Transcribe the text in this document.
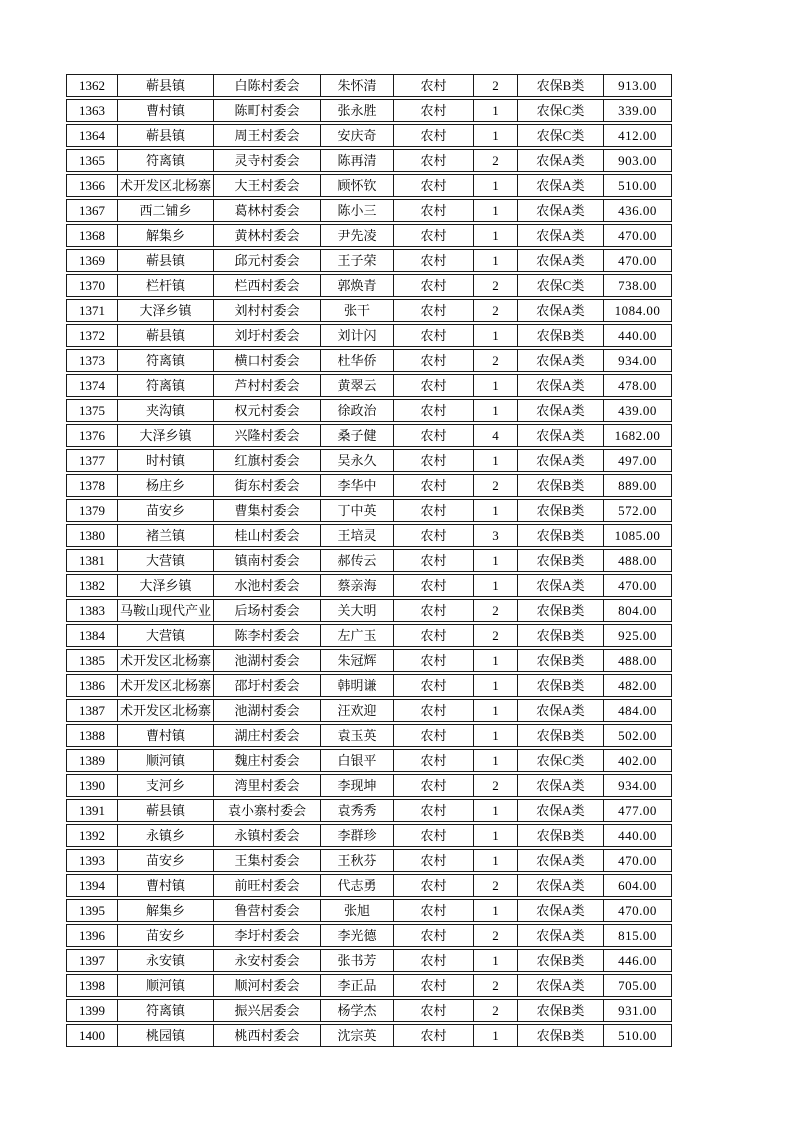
1362	蕲县镇	白陈村委会	朱怀清	农村	2	农保B类	913.00
1363	曹村镇	陈町村委会	张永胜	农村	1	农保C类	339.00
1364	蕲县镇	周王村委会	安庆奇	农村	1	农保C类	412.00
1365	符离镇	灵寺村委会	陈再清	农村	2	农保A类	903.00
1366	术开发区北杨寨	大王村委会	顾怀钦	农村	1	农保A类	510.00
1367	西二铺乡	葛林村委会	陈小三	农村	1	农保A类	436.00
1368	解集乡	黄林村委会	尹先凌	农村	1	农保A类	470.00
1369	蕲县镇	邱元村委会	王子荣	农村	1	农保A类	470.00
1370	栏杆镇	栏西村委会	郭焕青	农村	2	农保C类	738.00
1371	大泽乡镇	刘村村委会	张干	农村	2	农保A类	1084.00
1372	蕲县镇	刘圩村委会	刘计闪	农村	1	农保B类	440.00
1373	符离镇	横口村委会	杜华侨	农村	2	农保A类	934.00
1374	符离镇	芦村村委会	黄翠云	农村	1	农保A类	478.00
1375	夹沟镇	权元村委会	徐政治	农村	1	农保A类	439.00
1376	大泽乡镇	兴隆村委会	桑子健	农村	4	农保A类	1682.00
1377	时村镇	红旗村委会	吴永久	农村	1	农保A类	497.00
1378	杨庄乡	街东村委会	李华中	农村	2	农保B类	889.00
1379	苗安乡	曹集村委会	丁中英	农村	1	农保B类	572.00
1380	褚兰镇	桂山村委会	王培灵	农村	3	农保B类	1085.00
1381	大营镇	镇南村委会	郝传云	农村	1	农保B类	488.00
1382	大泽乡镇	水池村委会	蔡亲海	农村	1	农保A类	470.00
1383	马鞍山现代产业	后场村委会	关大明	农村	2	农保B类	804.00
1384	大营镇	陈李村委会	左广玉	农村	2	农保B类	925.00
1385	术开发区北杨寨	池湖村委会	朱冠辉	农村	1	农保B类	488.00
1386	术开发区北杨寨	邵圩村委会	韩明谦	农村	1	农保B类	482.00
1387	术开发区北杨寨	池湖村委会	汪欢迎	农村	1	农保A类	484.00
1388	曹村镇	湖庄村委会	袁玉英	农村	1	农保B类	502.00
1389	顺河镇	魏庄村委会	白银平	农村	1	农保C类	402.00
1390	支河乡	湾里村委会	李现坤	农村	2	农保A类	934.00
1391	蕲县镇	袁小寨村委会	袁秀秀	农村	1	农保A类	477.00
1392	永镇乡	永镇村委会	李群珍	农村	1	农保B类	440.00
1393	苗安乡	王集村委会	王秋芬	农村	1	农保A类	470.00
1394	曹村镇	前旺村委会	代志勇	农村	2	农保A类	604.00
1395	解集乡	鲁营村委会	张旭	农村	1	农保A类	470.00
1396	苗安乡	李圩村委会	李光德	农村	2	农保A类	815.00
1397	永安镇	永安村委会	张书芳	农村	1	农保B类	446.00
1398	顺河镇	顺河村委会	李正品	农村	2	农保A类	705.00
1399	符离镇	振兴居委会	杨学杰	农村	2	农保B类	931.00
1400	桃园镇	桃西村委会	沈宗英	农村	1	农保B类	510.00
